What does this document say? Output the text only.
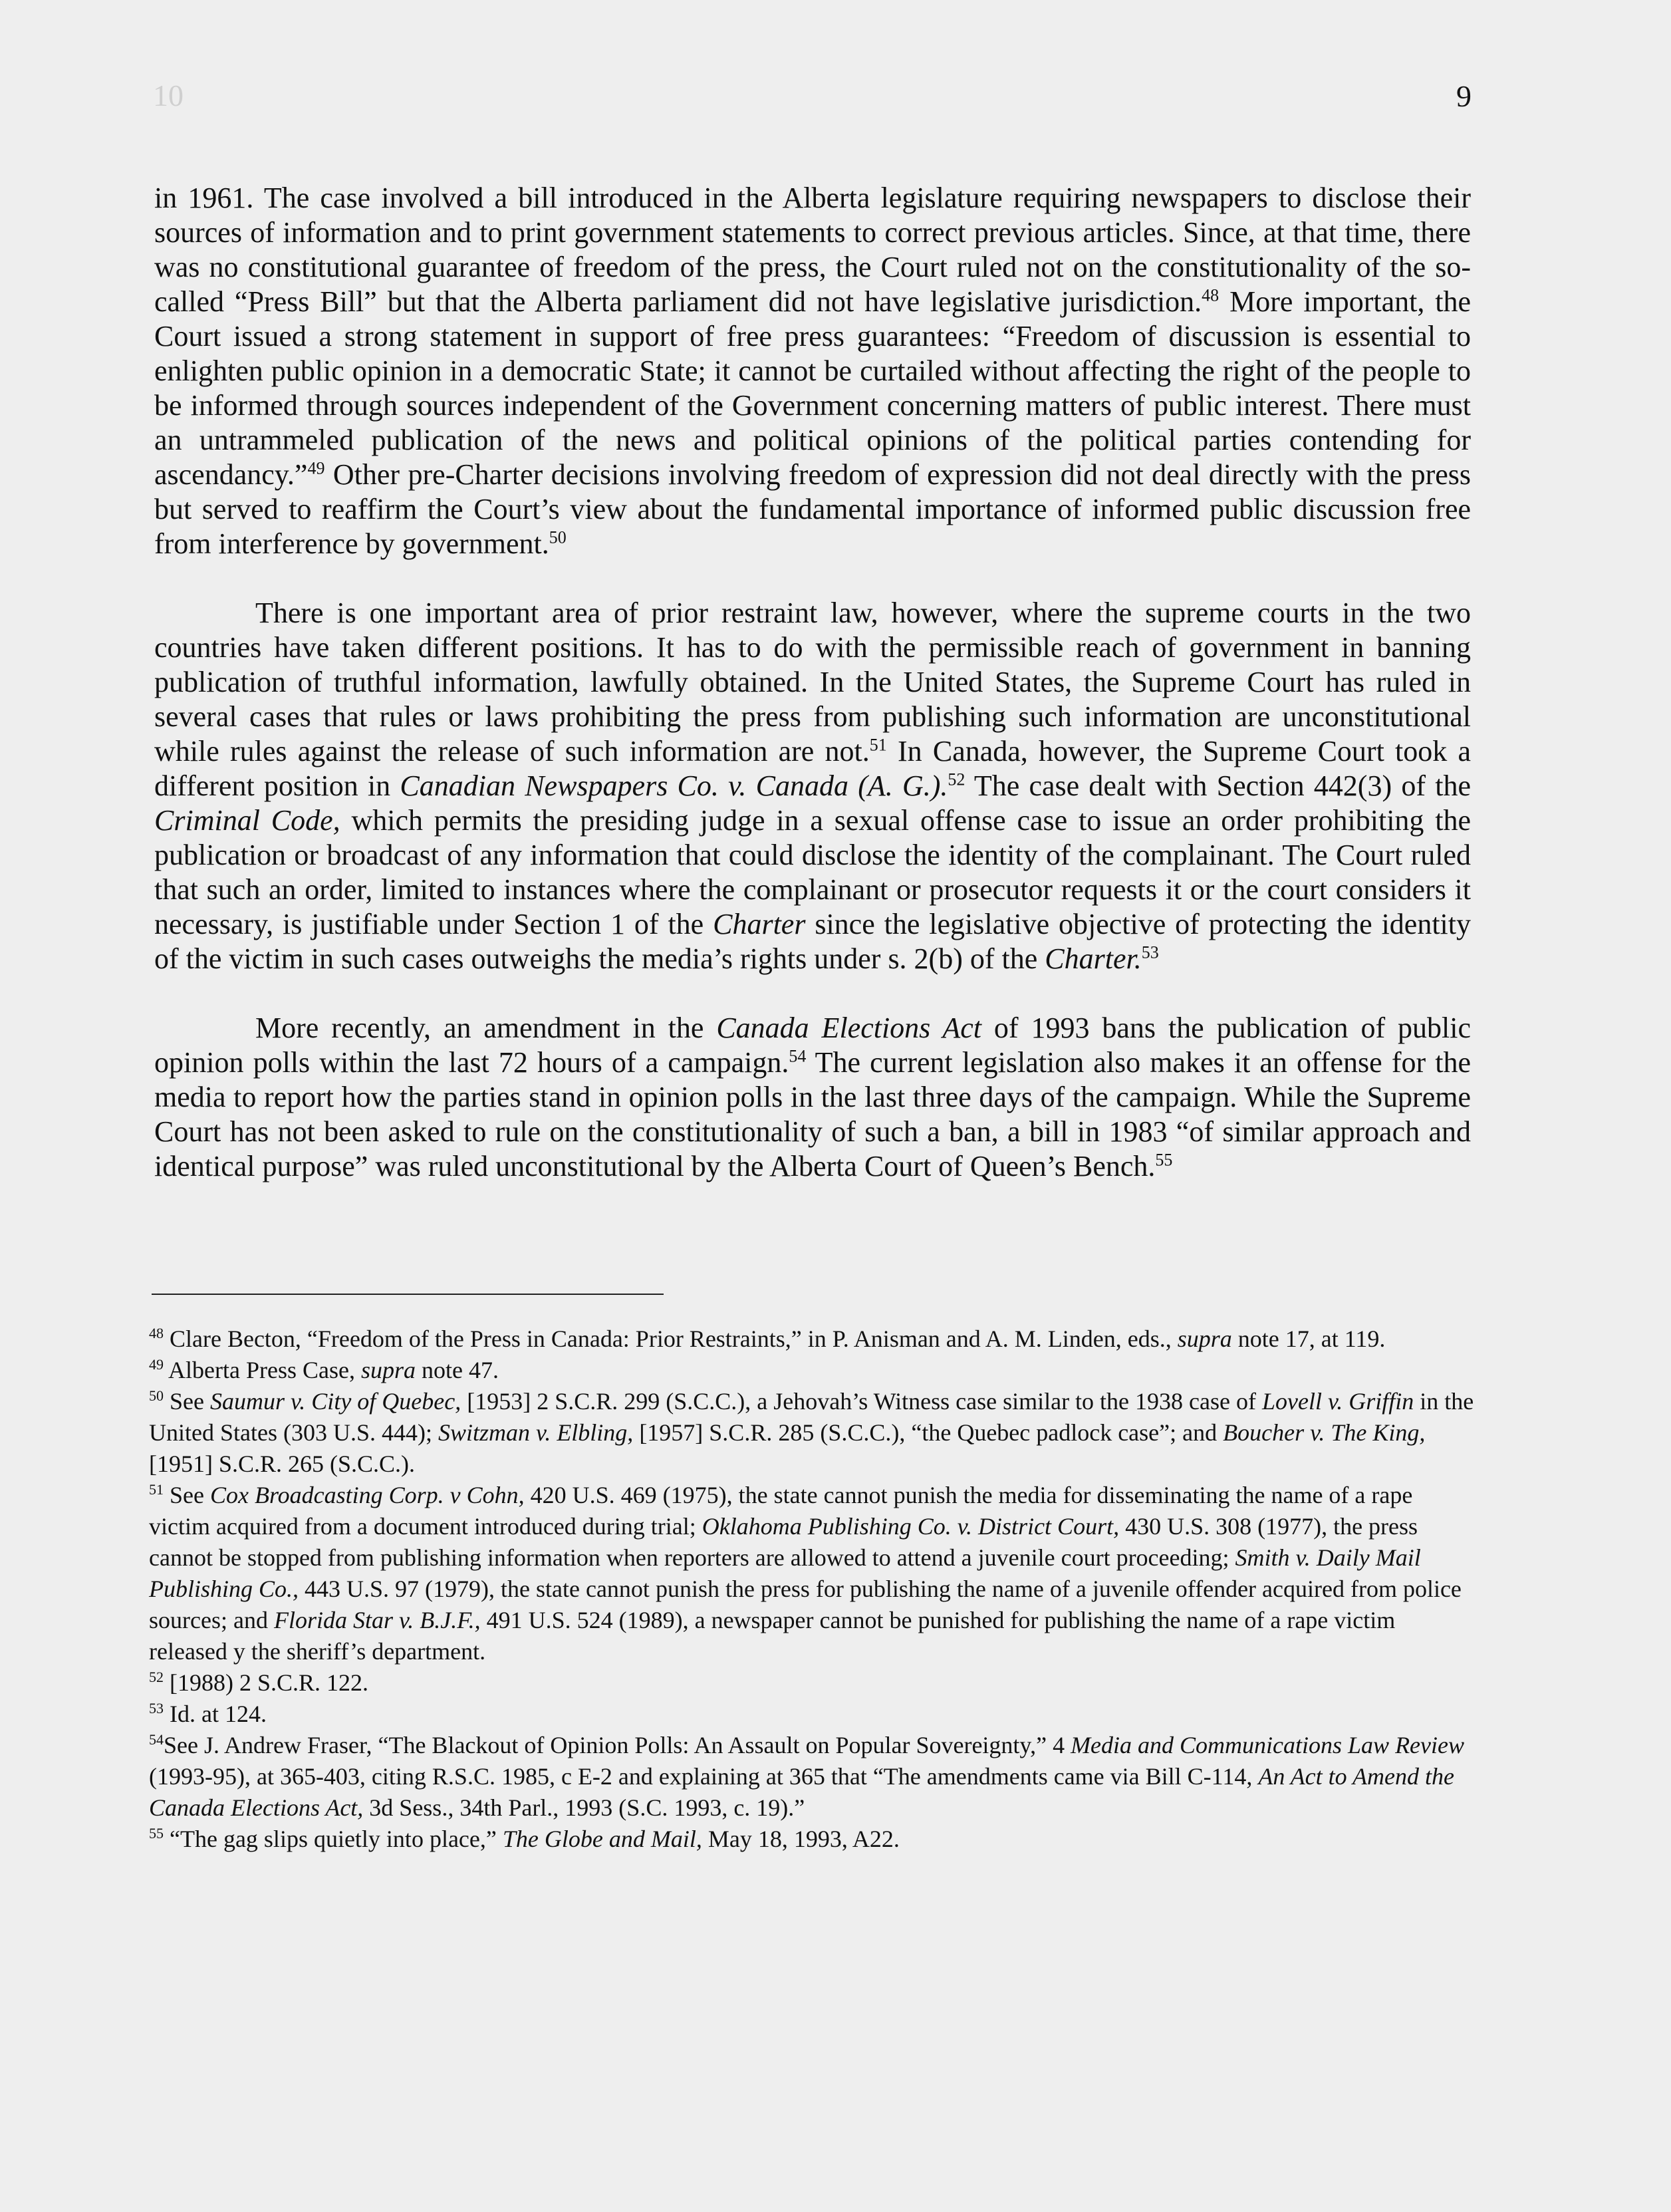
10	9

in 1961. The case involved a bill introduced in the Alberta legislature requiring newspapers to disclose their sources of information and to print government statements to correct previous articles. Since, at that time, there was no constitutional guarantee of freedom of the press, the Court ruled not on the constitutionality of the so-called “Press Bill” but that the Alberta parliament did not have legislative jurisdiction.$^{48}$ More important, the Court issued a strong statement in support of free press guarantees: “Freedom of discussion is essential to enlighten public opinion in a democratic State; it cannot be curtailed without affecting the right of the people to be informed through sources independent of the Government concerning matters of public interest. There must an untrammeled publication of the news and political opinions of the political parties contending for ascendancy.”$^{49}$ Other pre-Charter decisions involving freedom of expression did not deal directly with the press but served to reaffirm the Court’s view about the fundamental importance of informed public discussion free from interference by government.$^{50}$

There is one important area of prior restraint law, however, where the supreme courts in the two countries have taken different positions. It has to do with the permissible reach of government in banning publication of truthful information, lawfully obtained. In the United States, the Supreme Court has ruled in several cases that rules or laws prohibiting the press from publishing such information are unconstitutional while rules against the release of such information are not.$^{51}$ In Canada, however, the Supreme Court took a different position in Canadian Newspapers Co. v. Canada (A. G.).$^{52}$ The case dealt with Section 442(3) of the Criminal Code, which permits the presiding judge in a sexual offense case to issue an order prohibiting the publication or broadcast of any information that could disclose the identity of the complainant. The Court ruled that such an order, limited to instances where the complainant or prosecutor requests it or the court considers it necessary, is justifiable under Section 1 of the Charter since the legislative objective of protecting the identity of the victim in such cases outweighs the media’s rights under s. 2(b) of the Charter.$^{53}$

More recently, an amendment in the Canada Elections Act of 1993 bans the publication of public opinion polls within the last 72 hours of a campaign.$^{54}$ The current legislation also makes it an offense for the media to report how the parties stand in opinion polls in the last three days of the campaign. While the Supreme Court has not been asked to rule on the constitutionality of such a ban, a bill in 1983 “of similar approach and identical purpose” was ruled unconstitutional by the Alberta Court of Queen’s Bench.$^{55}$

$^{48}$ Clare Becton, “Freedom of the Press in Canada: Prior Restraints,” in P. Anisman and A. M. Linden, eds., supra note 17, at 119.

$^{49}$ Alberta Press Case, supra note 47.

$^{50}$ See Saumur v. City of Quebec, [1953] 2 S.C.R. 299 (S.C.C.), a Jehovah’s Witness case similar to the 1938 case of Lovell v. Griffin in the United States (303 U.S. 444); Switzman v. Elbling, [1957] S.C.R. 285 (S.C.C.), “the Quebec padlock case”; and Boucher v. The King, [1951] S.C.R. 265 (S.C.C.).

$^{51}$ See Cox Broadcasting Corp. v Cohn, 420 U.S. 469 (1975), the state cannot punish the media for disseminating the name of a rape victim acquired from a document introduced during trial; Oklahoma Publishing Co. v. District Court, 430 U.S. 308 (1977), the press cannot be stopped from publishing information when reporters are allowed to attend a juvenile court proceeding; Smith v. Daily Mail Publishing Co., 443 U.S. 97 (1979), the state cannot punish the press for publishing the name of a juvenile offender acquired from police sources; and Florida Star v. B.J.F., 491 U.S. 524 (1989), a newspaper cannot be punished for publishing the name of a rape victim released y the sheriff’s department.

$^{52}$ [1988) 2 S.C.R. 122.

$^{53}$ Id. at 124.

$^{54}$See J. Andrew Fraser, “The Blackout of Opinion Polls: An Assault on Popular Sovereignty,” 4 Media and Communications Law Review (1993-95), at 365-403, citing R.S.C. 1985, c E-2 and explaining at 365 that “The amendments came via Bill C-114, An Act to Amend the Canada Elections Act, 3d Sess., 34th Parl., 1993 (S.C. 1993, c. 19).”

$^{55}$ “The gag slips quietly into place,” The Globe and Mail, May 18, 1993, A22.
